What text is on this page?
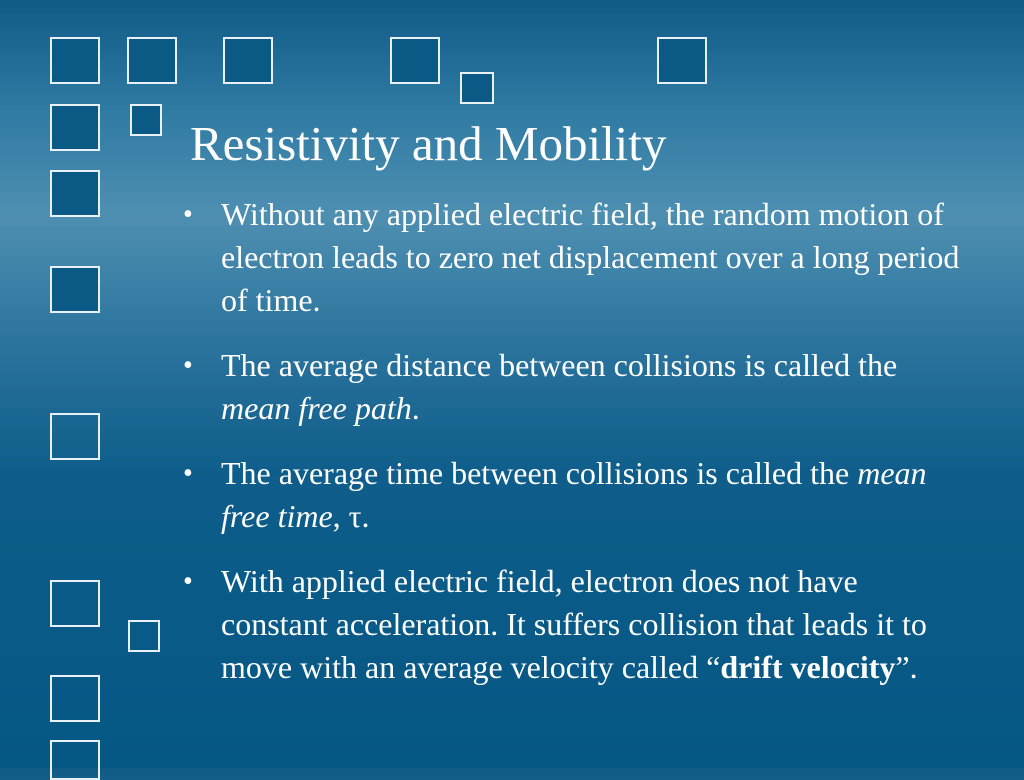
Resistivity and Mobility
• Without any applied electric field, the random motion of electron leads to zero net displacement over a long period of time.
• The average distance between collisions is called the mean free path.
• The average time between collisions is called the mean free time, τ.
• With applied electric field, electron does not have constant acceleration. It suffers collision that leads it to move with an average velocity called “drift velocity”.
